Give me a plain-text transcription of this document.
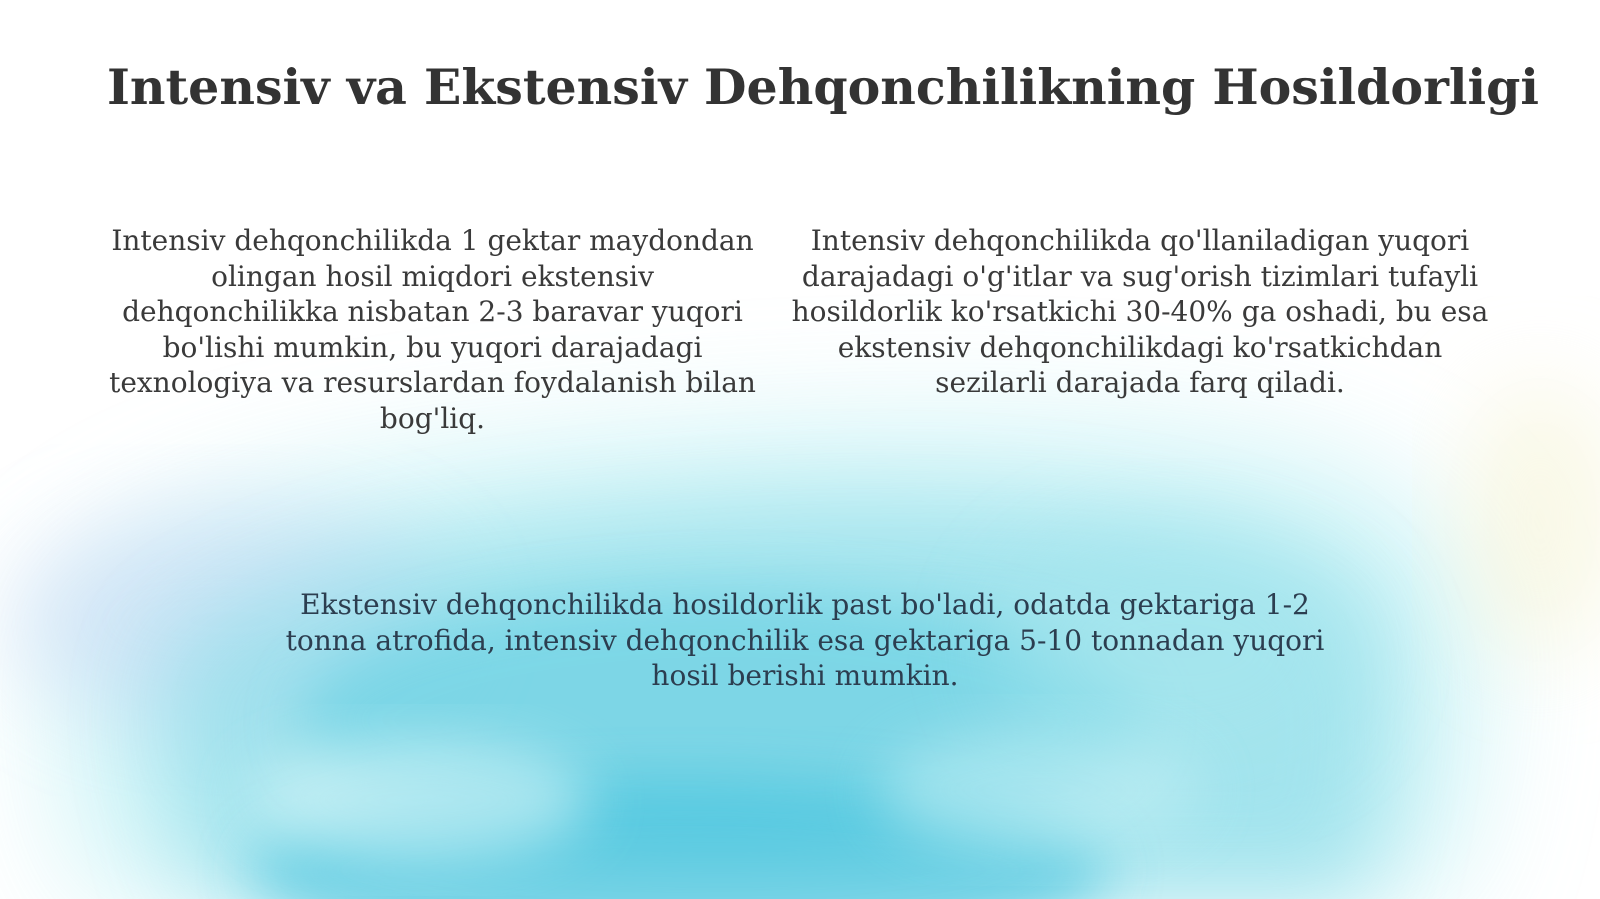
Intensiv va Ekstensiv Dehqonchilikning Hosildorligi
Intensiv dehqonchilikda 1 gektar maydondan olingan hosil miqdori ekstensiv dehqonchilikka nisbatan 2-3 baravar yuqori bo'lishi mumkin, bu yuqori darajadagi texnologiya va resurslardan foydalanish bilan bog'liq.
Intensiv dehqonchilikda qo'llaniladigan yuqori darajadagi o'g'itlar va sug'orish tizimlari tufayli hosildorlik ko'rsatkichi 30-40% ga oshadi, bu esa ekstensiv dehqonchilikdagi ko'rsatkichdan sezilarli darajada farq qiladi.
Ekstensiv dehqonchilikda hosildorlik past bo'ladi, odatda gektariga 1-2 tonna atrofida, intensiv dehqonchilik esa gektariga 5-10 tonnadan yuqori hosil berishi mumkin.
